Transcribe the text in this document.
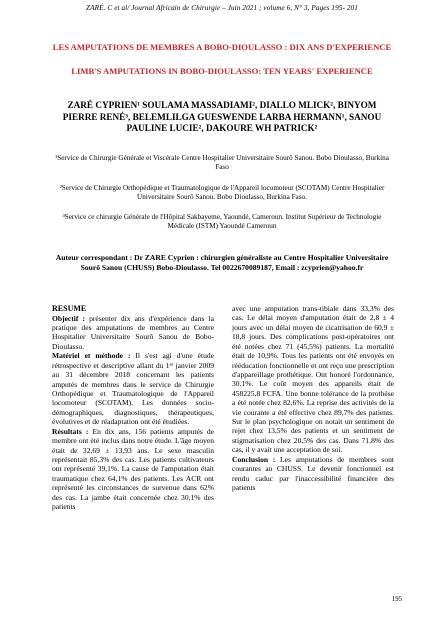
ZARÉ. C et al/ Journal Africain de Chirurgie – Juin 2021 ; volume 6, N° 3, Pages 195- 201
LES AMPUTATIONS DE MEMBRES A BOBO-DIOULASSO : DIX ANS D'EXPERIENCE
LIMB'S AMPUTATIONS IN BOBO-DIOULASSO: TEN YEARS' EXPERIENCE
ZARÉ CYPRIEN¹ SOULAMA MASSADIAMI², DIALLO MLICK², BINYOM PIERRE RENÉ³, BELEMLILGA GUESWENDE LARBA HERMANN¹, SANOU PAULINE LUCIE², DAKOURE WH PATRICK²
¹Service de Chirurgie Générale et Viscérale Centre Hospitalier Universitaire Sourô Sanou. Bobo Dioulasso, Burkina Faso
²Service de Chirurgie Orthopédique et Traumatologique de l'Appareil locomoteur (SCOTAM) Centre Hospitalier Universitaire Sourô Sanou. Bobo Dioulasso, Burkina Faso.
³Service ce chirurgie Générale de l'Hôpital Sakbayeme, Yaoundé, Cameroun. Institut Supérieur de Technologie Médicale (ISTM) Yaoundé Cameroun
Auteur correspondant : Dr ZARE Cyprien : chirurgien généraliste au Centre Hospitalier Universitaire Sourô Sanou (CHUSS) Bobo-Dioulasso. Tel 0022670089187, Email : zcyprien@yahoo.fr

RESUME

Objectif : présenter dix ans d'expérience dans la pratique des amputations de membres au Centre Hospitalier Universitaire Sourô Sanou de Bobo-Dioulasso.

Matériel et méthode : Il s'est agi d'une étude rétrospective et descriptive allant du 1ᵉʳ janvier 2009 au 31 décembre 2018 concernant les patients amputés de membres dans le service de Chirurgie Orthopédique et Traumatologique de l'Appareil locomoteur (SCOTAM). Les données socio-démographiques, diagnostiques, thérapeutiques, évolutives et de réadaptation ont été étudiées.

Résultats : En dix ans, 156 patients amputés de membre ont été inclus dans notre étude. L'âge moyen était de 32,69 ± 13,93 ans. Le sexe masculin représentait 85,3% des cas. Les patients cultivateurs ont représenté 39,1%. La cause de l'amputation était traumatique chez 64,1% des patients. Les ACR ont représenté les circonstances de survenue dans 62% des cas. La jambe était concernée chez 30,1% des patients

avec une amputation trans-tibiale dans 33,3% des cas. Le délai moyen d'amputation était de 2,8 ± 4 jours avec un délai moyen de cicatrisation de 60,9 ± 18,8 jours. Des complications post-opératoires ont été notées chez 71 (45,5%) patients. La mortalité était de 10,9%. Tous les patients ont été envoyés en rééducation fonctionnelle et ont reçu une prescription d'appareillage prothétique. Ont honoré l'ordonnance, 30.1%. Le coût moyen des appareils était de 458225,8 FCFA. Une bonne tolérance de la prothèse a été notée chez 82,6%. La reprise des activités de la vie courante a été effective chez 89,7% des patients. Sur le plan psychologique on notait un sentiment de rejet chez 13,5% des patients et un sentiment de stigmatisation chez 20,5% des cas. Dans 71,8% des cas, il y avait une acceptation de soi.

Conclusion : Les amputations de membres sont courantes au CHUSS. Le devenir fonctionnel est rendu caduc par l'inaccessibilité financière des patients

195
